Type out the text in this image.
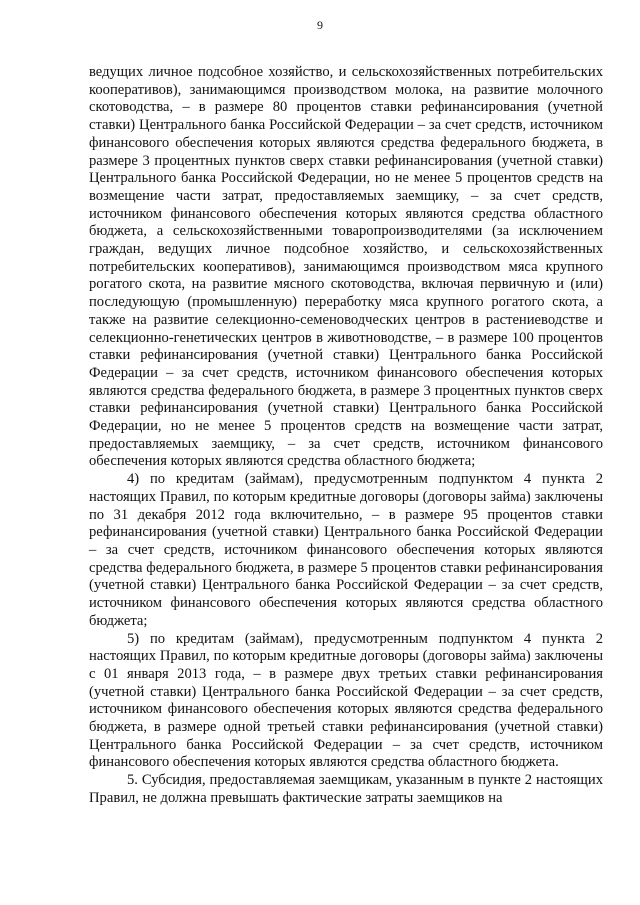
9

ведущих личное подсобное хозяйство, и сельскохозяйственных потребительских кооперативов), занимающимся производством молока, на развитие молочного скотоводства, – в размере 80 процентов ставки рефинансирования (учетной ставки) Центрального банка Российской Федерации – за счет средств, источником финансового обеспечения которых являются средства федерального бюджета, в размере 3 процентных пунктов сверх ставки рефинансирования (учетной ставки) Центрального банка Российской Федерации, но не менее 5 процентов средств на возмещение части затрат, предоставляемых заемщику, – за счет средств, источником финансового обеспечения которых являются средства областного бюджета, а сельскохозяйственными товаропроизводителями (за исключением граждан, ведущих личное подсобное хозяйство, и сельскохозяйственных потребительских кооперативов), занимающимся производством мяса крупного рогатого скота, на развитие мясного скотоводства, включая первичную и (или) последующую (промышленную) переработку мяса крупного рогатого скота, а также на развитие селекционно-семеноводческих центров в растениеводстве и селекционно-генетических центров в животноводстве, – в размере 100 процентов ставки рефинансирования (учетной ставки) Центрального банка Российской Федерации – за счет средств, источником финансового обеспечения которых являются средства федерального бюджета, в размере 3 процентных пунктов сверх ставки рефинансирования (учетной ставки) Центрального банка Российской Федерации, но не менее 5 процентов средств на возмещение части затрат, предоставляемых заемщику, – за счет средств, источником финансового обеспечения которых являются средства областного бюджета;

4) по кредитам (займам), предусмотренным подпунктом 4 пункта 2 настоящих Правил, по которым кредитные договоры (договоры займа) заключены по 31 декабря 2012 года включительно, – в размере 95 процентов ставки рефинансирования (учетной ставки) Центрального банка Российской Федерации – за счет средств, источником финансового обеспечения которых являются средства федерального бюджета, в размере 5 процентов ставки рефинансирования (учетной ставки) Центрального банка Российской Федерации – за счет средств, источником финансового обеспечения которых являются средства областного бюджета;

5) по кредитам (займам), предусмотренным подпунктом 4 пункта 2 настоящих Правил, по которым кредитные договоры (договоры займа) заключены с 01 января 2013 года, – в размере двух третьих ставки рефинансирования (учетной ставки) Центрального банка Российской Федерации – за счет средств, источником финансового обеспечения которых являются средства федерального бюджета, в размере одной третьей ставки рефинансирования (учетной ставки) Центрального банка Российской Федерации – за счет средств, источником финансового обеспечения которых являются средства областного бюджета.

5. Субсидия, предоставляемая заемщикам, указанным в пункте 2 настоящих Правил, не должна превышать фактические затраты заемщиков на
